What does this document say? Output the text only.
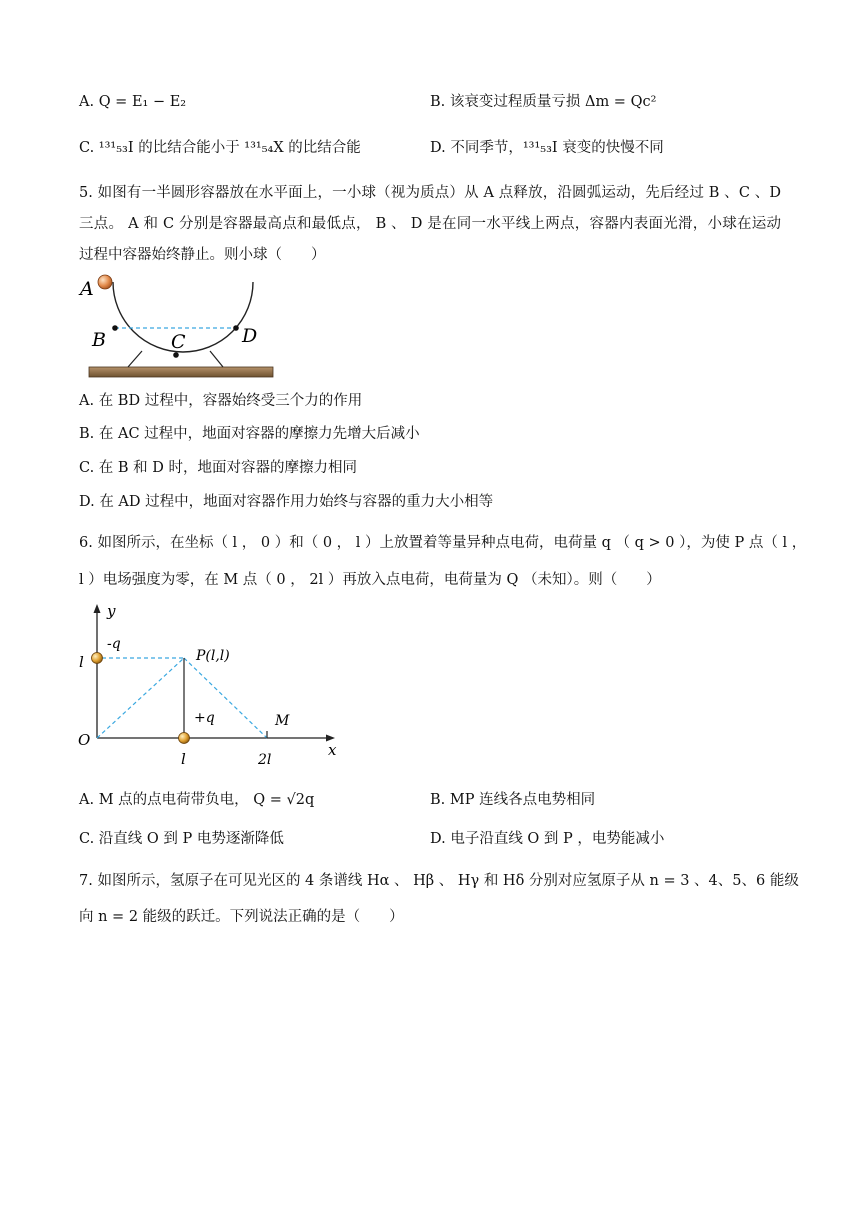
A. Q = E₁ − E₂	B. 该衰变过程质量亏损 Δm = Qc²
C. ¹³¹₅₃I 的比结合能小于 ¹³¹₅₄X 的比结合能	D. 不同季节，¹³¹₅₃I 衰变的快慢不同
5. 如图有一半圆形容器放在水平面上，一小球（视为质点）从 A 点释放，沿圆弧运动，先后经过 B 、C 、D
三点。 A 和 C 分别是容器最高点和最低点， B 、 D 是在同一水平线上两点，容器内表面光滑，小球在运动
过程中容器始终静止。则小球（　　）
A
B	C	D
A. 在 BD 过程中，容器始终受三个力的作用
B. 在 AC 过程中，地面对容器的摩擦力先增大后减小
C. 在 B 和 D 时，地面对容器的摩擦力相同
D. 在 AD 过程中，地面对容器作用力始终与容器的重力大小相等
6. 如图所示，在坐标（ l ， 0 ）和（ 0 ， l ）上放置着等量异种点电荷，电荷量 q （ q > 0 ），为使 P 点（ l ，
l ）电场强度为零，在 M 点（ 0 ， 2l ）再放入点电荷，电荷量为 Q （未知）。则（　　）
y
-q
l	P(l,l)
+q	M
O
l	2l
x
A. M 点的点电荷带负电， Q = √2q	B. MP 连线各点电势相同
C. 沿直线 O 到 P 电势逐渐降低	D. 电子沿直线 O 到 P ，电势能减小
7. 如图所示，氢原子在可见光区的 4 条谱线 Hα 、 Hβ 、 Hγ 和 Hδ 分别对应氢原子从 n = 3 、4、5、6 能级
向 n = 2 能级的跃迁。下列说法正确的是（　　）
